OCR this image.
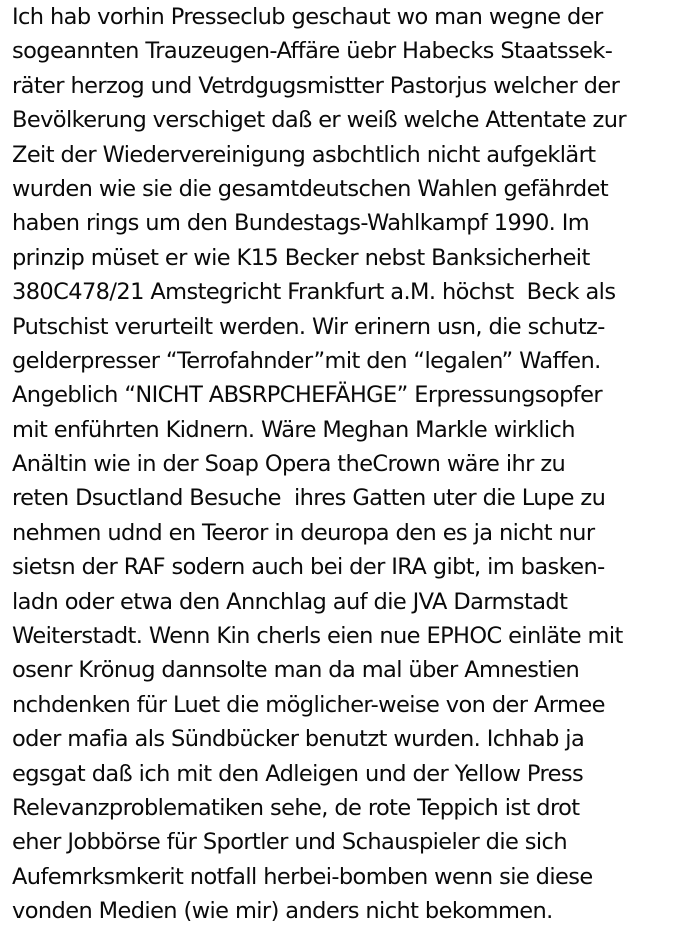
Ich hab vorhin Presseclub geschaut wo man wegne der
sogeannten Trauzeugen-Affäre üebr Habecks Staatssek-
räter herzog und Vetrdgugsmistter Pastorjus welcher der
Bevölkerung verschiget daß er weiß welche Attentate zur
Zeit der Wiedervereinigung asbchtlich nicht aufgeklärt
wurden wie sie die gesamtdeutschen Wahlen gefährdet
haben rings um den Bundestags-Wahlkampf 1990. Im
prinzip müset er wie K15 Becker nebst Banksicherheit
380C478/21 Amstegricht Frankfurt a.M. höchst  Beck als
Putschist verurteilt werden. Wir erinern usn, die schutz-
gelderpresser “Terrofahnder”mit den “legalen” Waffen.
Angeblich “NICHT ABSRPCHEFÄHGE” Erpressungsopfer
mit enführten Kidnern. Wäre Meghan Markle wirklich
Anältin wie in der Soap Opera theCrown wäre ihr zu
reten Dsuctland Besuche  ihres Gatten uter die Lupe zu
nehmen udnd en Teeror in deuropa den es ja nicht nur
sietsn der RAF sodern auch bei der IRA gibt, im basken-
ladn oder etwa den Annchlag auf die JVA Darmstadt
Weiterstadt. Wenn Kin cherls eien nue EPHOC einläte mit
osenr Krönug dannsolte man da mal über Amnestien
nchdenken für Luet die möglicher-weise von der Armee
oder mafia als Sündbücker benutzt wurden. Ichhab ja
egsgat daß ich mit den Adleigen und der Yellow Press
Relevanzproblematiken sehe, de rote Teppich ist drot
eher Jobbörse für Sportler und Schauspieler die sich
Aufemrksmkerit notfall herbei-bomben wenn sie diese
vonden Medien (wie mir) anders nicht bekommen.
